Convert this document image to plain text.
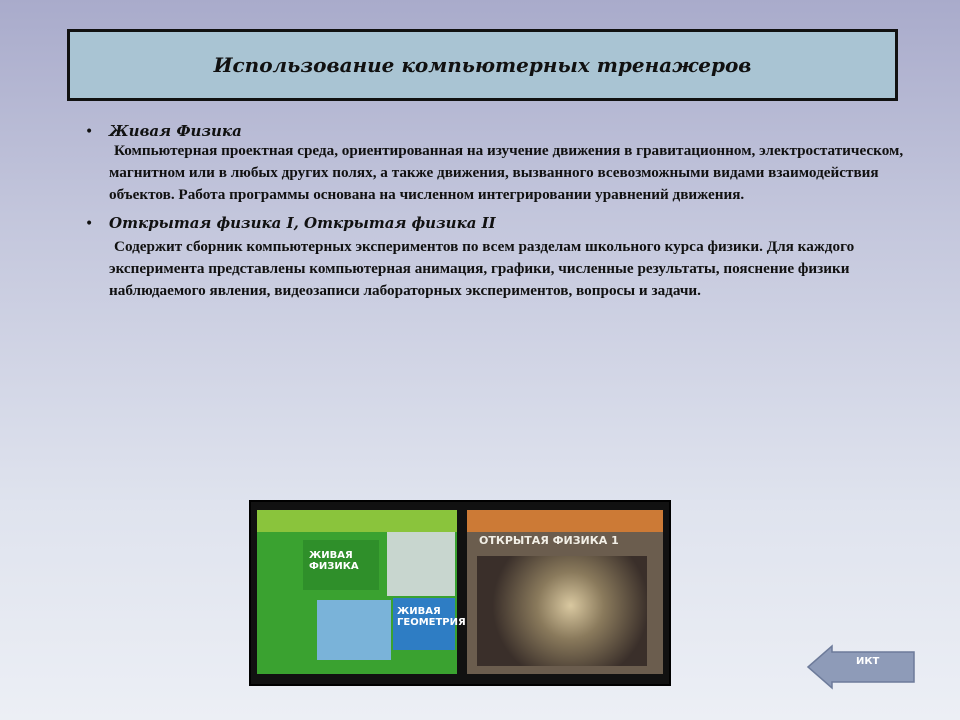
Использование компьютерных тренажеров
•	Живая Физика
Компьютерная проектная среда, ориентированная на изучение движения в гравитационном, электростатическом, магнитном или в любых других полях, а также движения, вызванного всевозможными видами взаимодействия объектов. Работа программы основана на численном интегрировании уравнений движения.
•	Открытая физика I, Открытая физика II
Содержит сборник компьютерных экспериментов по всем разделам школьного курса физики. Для каждого эксперимента представлены компьютерная анимация, графики, численные результаты, пояснение физики наблюдаемого явления, видеозаписи лабораторных экспериментов, вопросы и задачи.
ЖИВАЯ ФИЗИКА
ЖИВАЯ ГЕОМЕТРИЯ
ОТКРЫТАЯ ФИЗИКА 1
ИКТ
